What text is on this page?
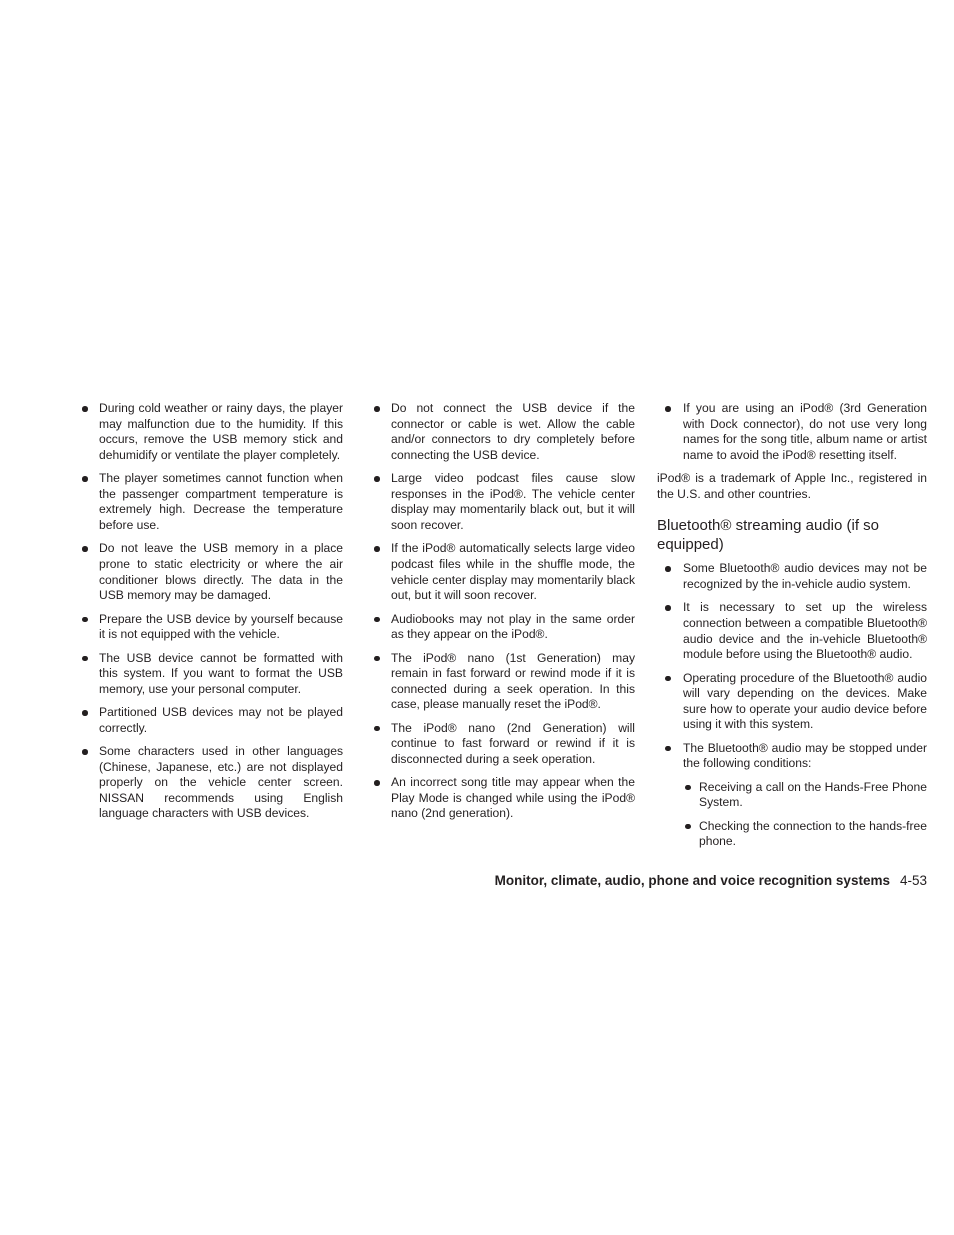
During cold weather or rainy days, the player may malfunction due to the humidity. If this occurs, remove the USB memory stick and dehumidify or ventilate the player completely.
The player sometimes cannot function when the passenger compartment temperature is extremely high. Decrease the temperature before use.
Do not leave the USB memory in a place prone to static electricity or where the air conditioner blows directly. The data in the USB memory may be damaged.
Prepare the USB device by yourself because it is not equipped with the vehicle.
The USB device cannot be formatted with this system. If you want to format the USB memory, use your personal computer.
Partitioned USB devices may not be played correctly.
Some characters used in other languages (Chinese, Japanese, etc.) are not displayed properly on the vehicle center screen. NISSAN recommends using English language characters with USB devices.
Do not connect the USB device if the connector or cable is wet. Allow the cable and/or connectors to dry completely before connecting the USB device.
Large video podcast files cause slow responses in the iPod®. The vehicle center display may momentarily black out, but it will soon recover.
If the iPod® automatically selects large video podcast files while in the shuffle mode, the vehicle center display may momentarily black out, but it will soon recover.
Audiobooks may not play in the same order as they appear on the iPod®.
The iPod® nano (1st Generation) may remain in fast forward or rewind mode if it is connected during a seek operation. In this case, please manually reset the iPod®.
The iPod® nano (2nd Generation) will continue to fast forward or rewind if it is disconnected during a seek operation.
An incorrect song title may appear when the Play Mode is changed while using the iPod® nano (2nd generation).
If you are using an iPod® (3rd Generation with Dock connector), do not use very long names for the song title, album name or artist name to avoid the iPod® resetting itself.

iPod® is a trademark of Apple Inc., registered in the U.S. and other countries.

Bluetooth® streaming audio (if so equipped)
Some Bluetooth® audio devices may not be recognized by the in-vehicle audio system.
It is necessary to set up the wireless connection between a compatible Bluetooth® audio device and the in-vehicle Bluetooth® module before using the Bluetooth® audio.
Operating procedure of the Bluetooth® audio will vary depending on the devices. Make sure how to operate your audio device before using it with this system.
The Bluetooth® audio may be stopped under the following conditions:
Receiving a call on the Hands-Free Phone System.
Checking the connection to the hands-free phone.
Monitor, climate, audio, phone and voice recognition systems 4-53
